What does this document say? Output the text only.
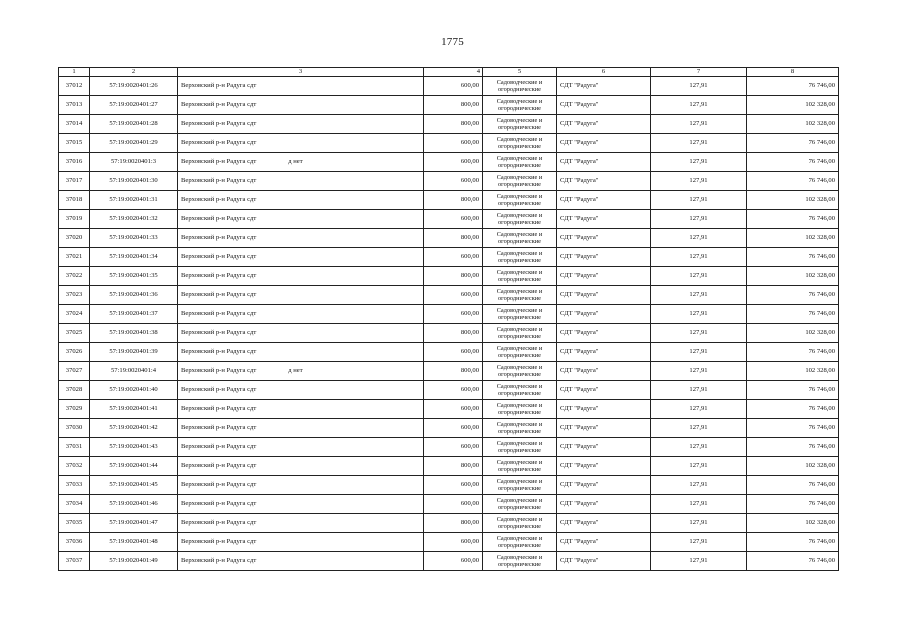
1775
1	2	3	4	5	6	7	8
37012	57:19:0020401:26	Верховский р-н Радуга сдт	600,00	Садоводческие и огороднические	СДТ "Радуга"	127,91	76 746,00
37013	57:19:0020401:27	Верховский р-н Радуга сдт	800,00	Садоводческие и огороднические	СДТ "Радуга"	127,91	102 328,00
37014	57:19:0020401:28	Верховский р-н Радуга сдт	800,00	Садоводческие и огороднические	СДТ "Радуга"	127,91	102 328,00
37015	57:19:0020401:29	Верховский р-н Радуга сдт	600,00	Садоводческие и огороднические	СДТ "Радуга"	127,91	76 746,00
37016	57:19:0020401:3	Верховский р-н Радуга сдт д нет	600,00	Садоводческие и огороднические	СДТ "Радуга"	127,91	76 746,00
37017	57:19:0020401:30	Верховский р-н Радуга сдт	600,00	Садоводческие и огороднические	СДТ "Радуга"	127,91	76 746,00
37018	57:19:0020401:31	Верховский р-н Радуга сдт	800,00	Садоводческие и огороднические	СДТ "Радуга"	127,91	102 328,00
37019	57:19:0020401:32	Верховский р-н Радуга сдт	600,00	Садоводческие и огороднические	СДТ "Радуга"	127,91	76 746,00
37020	57:19:0020401:33	Верховский р-н Радуга сдт	800,00	Садоводческие и огороднические	СДТ "Радуга"	127,91	102 328,00
37021	57:19:0020401:34	Верховский р-н Радуга сдт	600,00	Садоводческие и огороднические	СДТ "Радуга"	127,91	76 746,00
37022	57:19:0020401:35	Верховский р-н Радуга сдт	800,00	Садоводческие и огороднические	СДТ "Радуга"	127,91	102 328,00
37023	57:19:0020401:36	Верховский р-н Радуга сдт	600,00	Садоводческие и огороднические	СДТ "Радуга"	127,91	76 746,00
37024	57:19:0020401:37	Верховский р-н Радуга сдт	600,00	Садоводческие и огороднические	СДТ "Радуга"	127,91	76 746,00
37025	57:19:0020401:38	Верховский р-н Радуга сдт	800,00	Садоводческие и огороднические	СДТ "Радуга"	127,91	102 328,00
37026	57:19:0020401:39	Верховский р-н Радуга сдт	600,00	Садоводческие и огороднические	СДТ "Радуга"	127,91	76 746,00
37027	57:19:0020401:4	Верховский р-н Радуга сдт д нет	800,00	Садоводческие и огороднические	СДТ "Радуга"	127,91	102 328,00
37028	57:19:0020401:40	Верховский р-н Радуга сдт	600,00	Садоводческие и огороднические	СДТ "Радуга"	127,91	76 746,00
37029	57:19:0020401:41	Верховский р-н Радуга сдт	600,00	Садоводческие и огороднические	СДТ "Радуга"	127,91	76 746,00
37030	57:19:0020401:42	Верховский р-н Радуга сдт	600,00	Садоводческие и огороднические	СДТ "Радуга"	127,91	76 746,00
37031	57:19:0020401:43	Верховский р-н Радуга сдт	600,00	Садоводческие и огороднические	СДТ "Радуга"	127,91	76 746,00
37032	57:19:0020401:44	Верховский р-н Радуга сдт	800,00	Садоводческие и огороднические	СДТ "Радуга"	127,91	102 328,00
37033	57:19:0020401:45	Верховский р-н Радуга сдт	600,00	Садоводческие и огороднические	СДТ "Радуга"	127,91	76 746,00
37034	57:19:0020401:46	Верховский р-н Радуга сдт	600,00	Садоводческие и огороднические	СДТ "Радуга"	127,91	76 746,00
37035	57:19:0020401:47	Верховский р-н Радуга сдт	800,00	Садоводческие и огороднические	СДТ "Радуга"	127,91	102 328,00
37036	57:19:0020401:48	Верховский р-н Радуга сдт	600,00	Садоводческие и огороднические	СДТ "Радуга"	127,91	76 746,00
37037	57:19:0020401:49	Верховский р-н Радуга сдт	600,00	Садоводческие и огороднические	СДТ "Радуга"	127,91	76 746,00
